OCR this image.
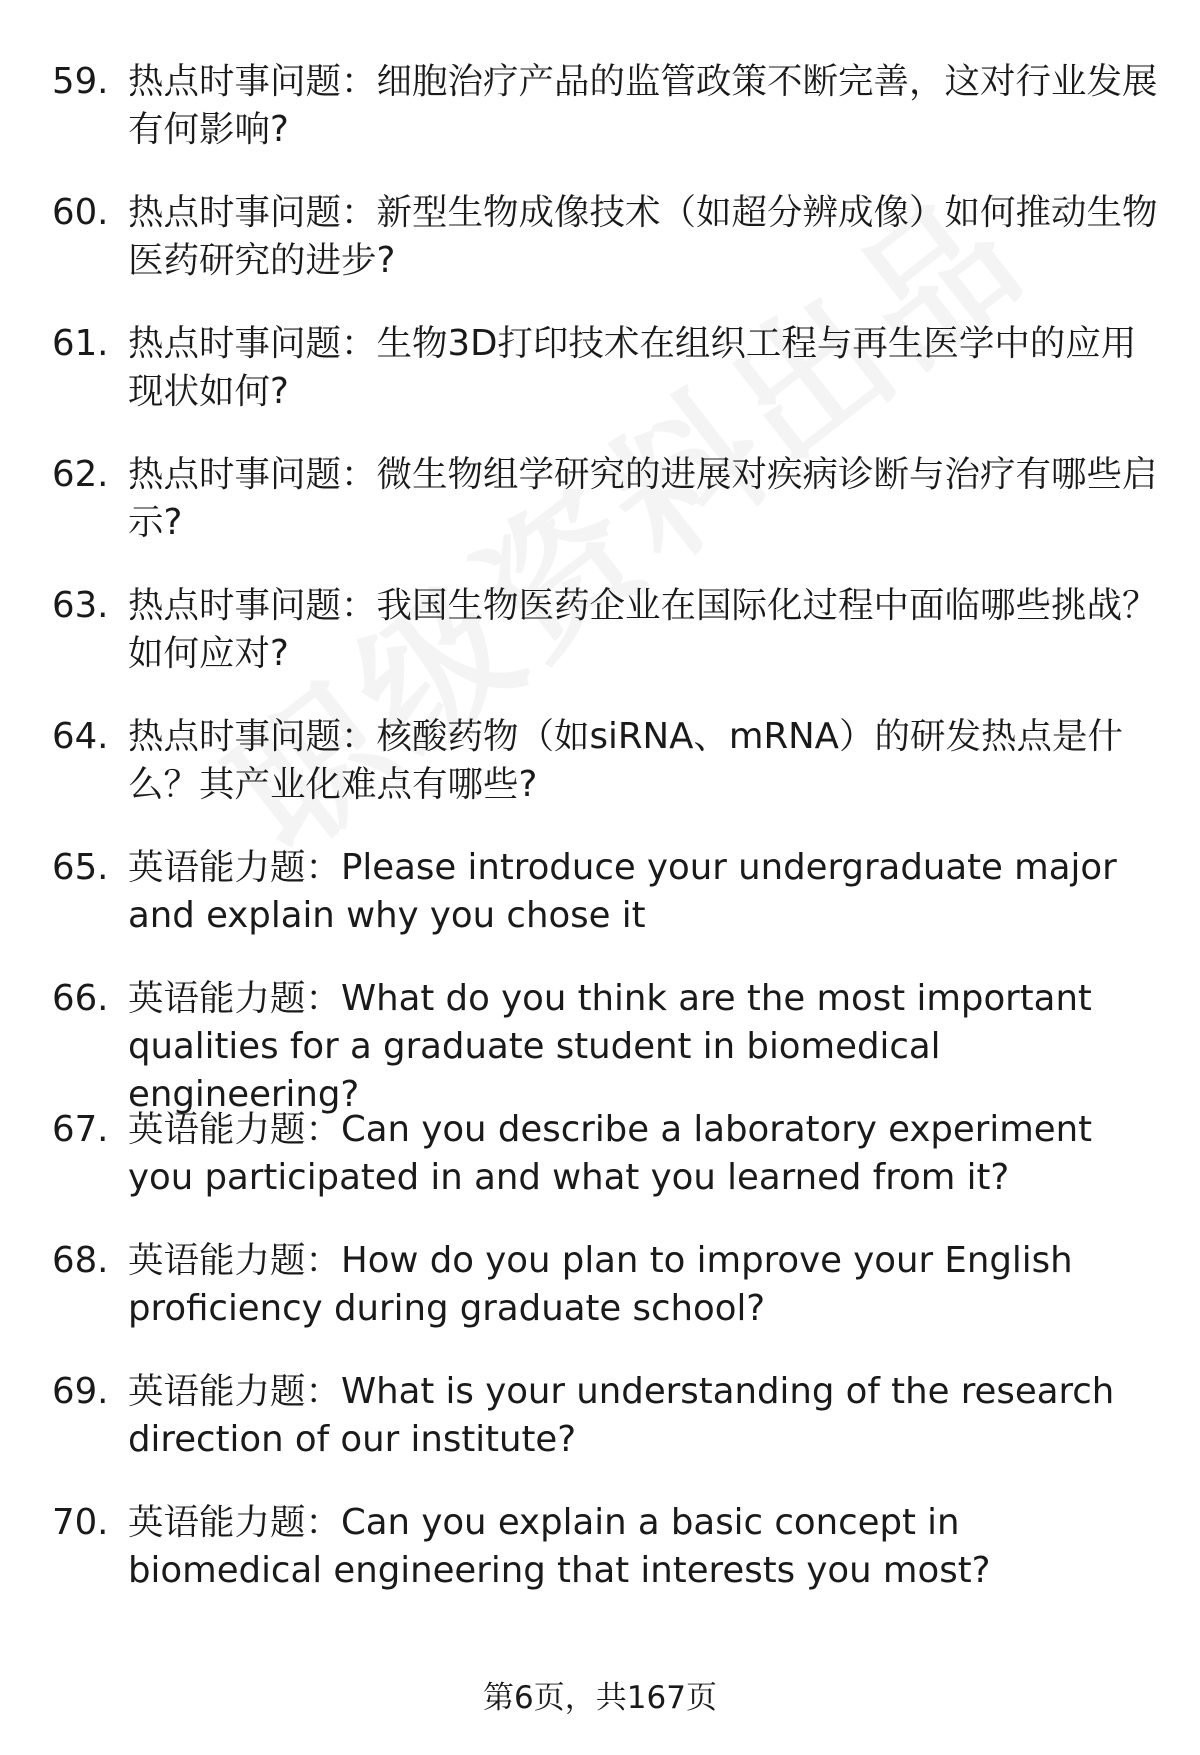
59. 热点时事问题：细胞治疗产品的监管政策不断完善，这对行业发展有何影响?
60. 热点时事问题：新型生物成像技术（如超分辨成像）如何推动生物医药研究的进步?
61. 热点时事问题：生物3D打印技术在组织工程与再生医学中的应用现状如何?
62. 热点时事问题：微生物组学研究的进展对疾病诊断与治疗有哪些启示?
63. 热点时事问题：我国生物医药企业在国际化过程中面临哪些挑战？如何应对?
64. 热点时事问题：核酸药物（如siRNA、mRNA）的研发热点是什么？其产业化难点有哪些?
65. 英语能力题：Please introduce your undergraduate major and explain why you chose it
66. 英语能力题：What do you think are the most important qualities for a graduate student in biomedical engineering?
67. 英语能力题：Can you describe a laboratory experiment you participated in and what you learned from it?
68. 英语能力题：How do you plan to improve your English proficiency during graduate school?
69. 英语能力题：What is your understanding of the research direction of our institute?
70. 英语能力题：Can you explain a basic concept in biomedical engineering that interests you most?
第6页，共167页
